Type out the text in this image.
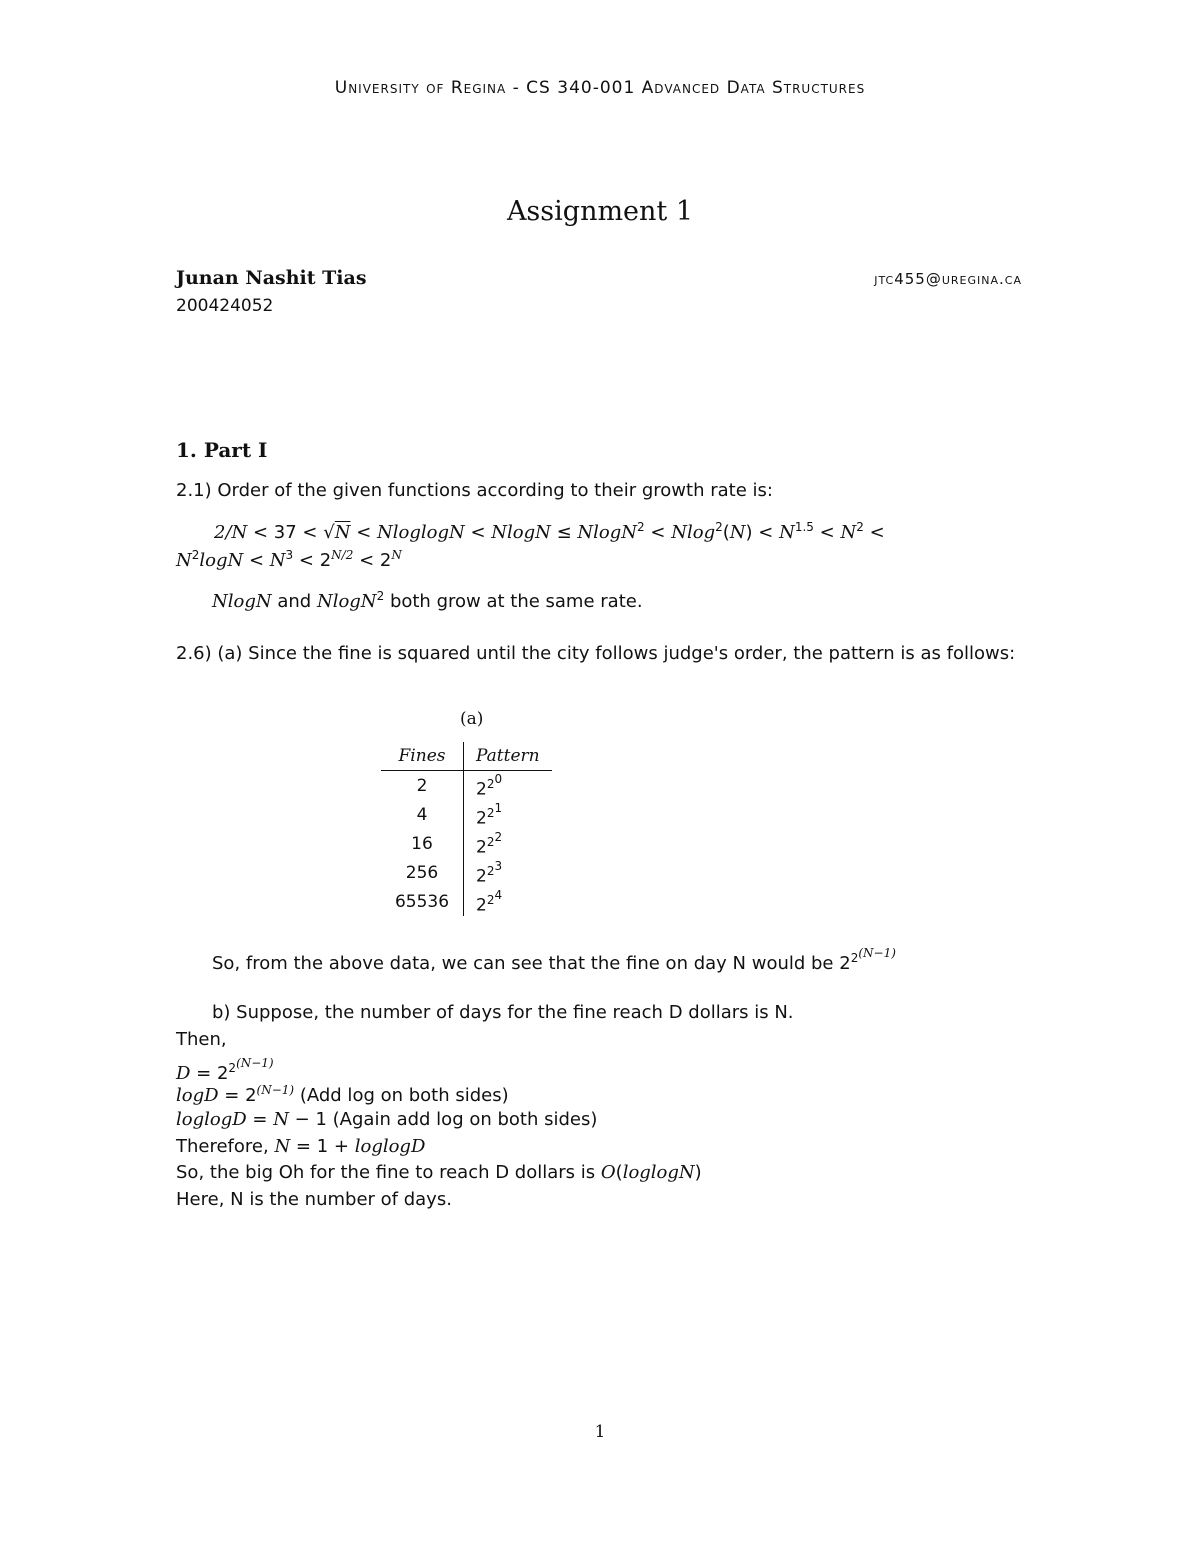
University of Regina - CS 340-001 Advanced Data Structures
Assignment 1
Junan Nashit Tias
200424052
jtc455@uregina.ca
1. Part I
2.1) Order of the given functions according to their growth rate is:
2/N < 37 < √N < NloglogN < $NlogN \le NlogN^2 < Nlog^2(N) < N^{1.5} < N^2$ <
$N^2\log N < N^3 < 2^{N/2} < 2^N$
NlogN and NlogN$^2$ both grow at the same rate.
2.6) (a) Since the fine is squared until the city follows judge's order, the pattern is as follows:
(a)
Fines	Pattern
2	$2^{2^0}$
4	$2^{2^1}$
16	$2^{2^2}$
256	$2^{2^3}$
65536	$2^{2^4}$
So, from the above data, we can see that the fine on day N would be $2^{2^{(N-1)}}$
b) Suppose, the number of days for the fine reach D dollars is N.
Then,
$D = 2^{2^{(N-1)}}$
$\log D = 2^{(N-1)}$ (Add log on both sides)
loglogD = N − 1 (Again add log on both sides)
Therefore, N = 1 + loglogD
So, the big Oh for the fine to reach D dollars is O(loglogN)
Here, N is the number of days.
1
